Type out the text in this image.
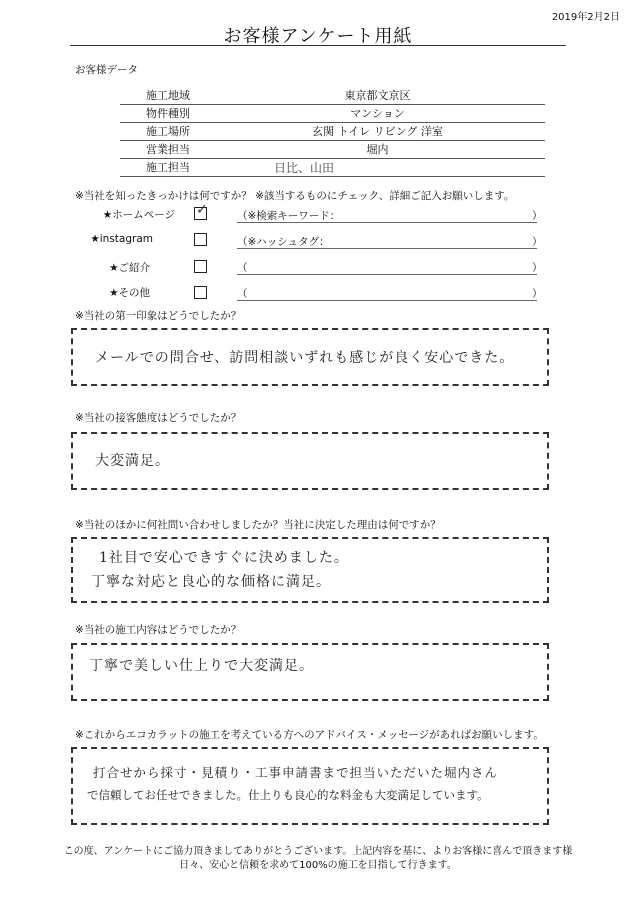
2019年2月2日
お客様アンケート用紙
お客様データ
施工地域	東京都文京区
物件種別	マンション
施工場所	玄関 トイレ リビング 洋室
営業担当	堀内
施工担当	日比、山田
※当社を知ったきっかけは何ですか？ ※該当するものにチェック、詳細ご記入お願いします。
★ホームページ ✓	（※検索キーワード：	）
★instagram	（※ハッシュタグ：	）
★ご紹介	（	）
★その他	（	）
※当社の第一印象はどうでしたか？
メールでの問合せ、訪問相談いずれも感じが良く安心できた。
※当社の接客態度はどうでしたか？
大変満足。
※当社のほかに何社問い合わせしましたか？当社に決定した理由は何ですか？
1社目で安心できすぐに決めました。
丁寧な対応と良心的な価格に満足。
※当社の施工内容はどうでしたか？
丁寧で美しい仕上りで大変満足。
※これからエコカラットの施工を考えている方へのアドバイス・メッセージがあればお願いします。
打合せから採寸・見積り・工事申請書まで担当いただいた堀内さん
で信頼してお任せできました。仕上りも良心的な料金も大変満足しています。
この度、アンケートにご協力頂きましてありがとうございます。上記内容を基に、よりお客様に喜んで頂きます様
日々、安心と信頼を求めて100%の施工を目指して行きます。
